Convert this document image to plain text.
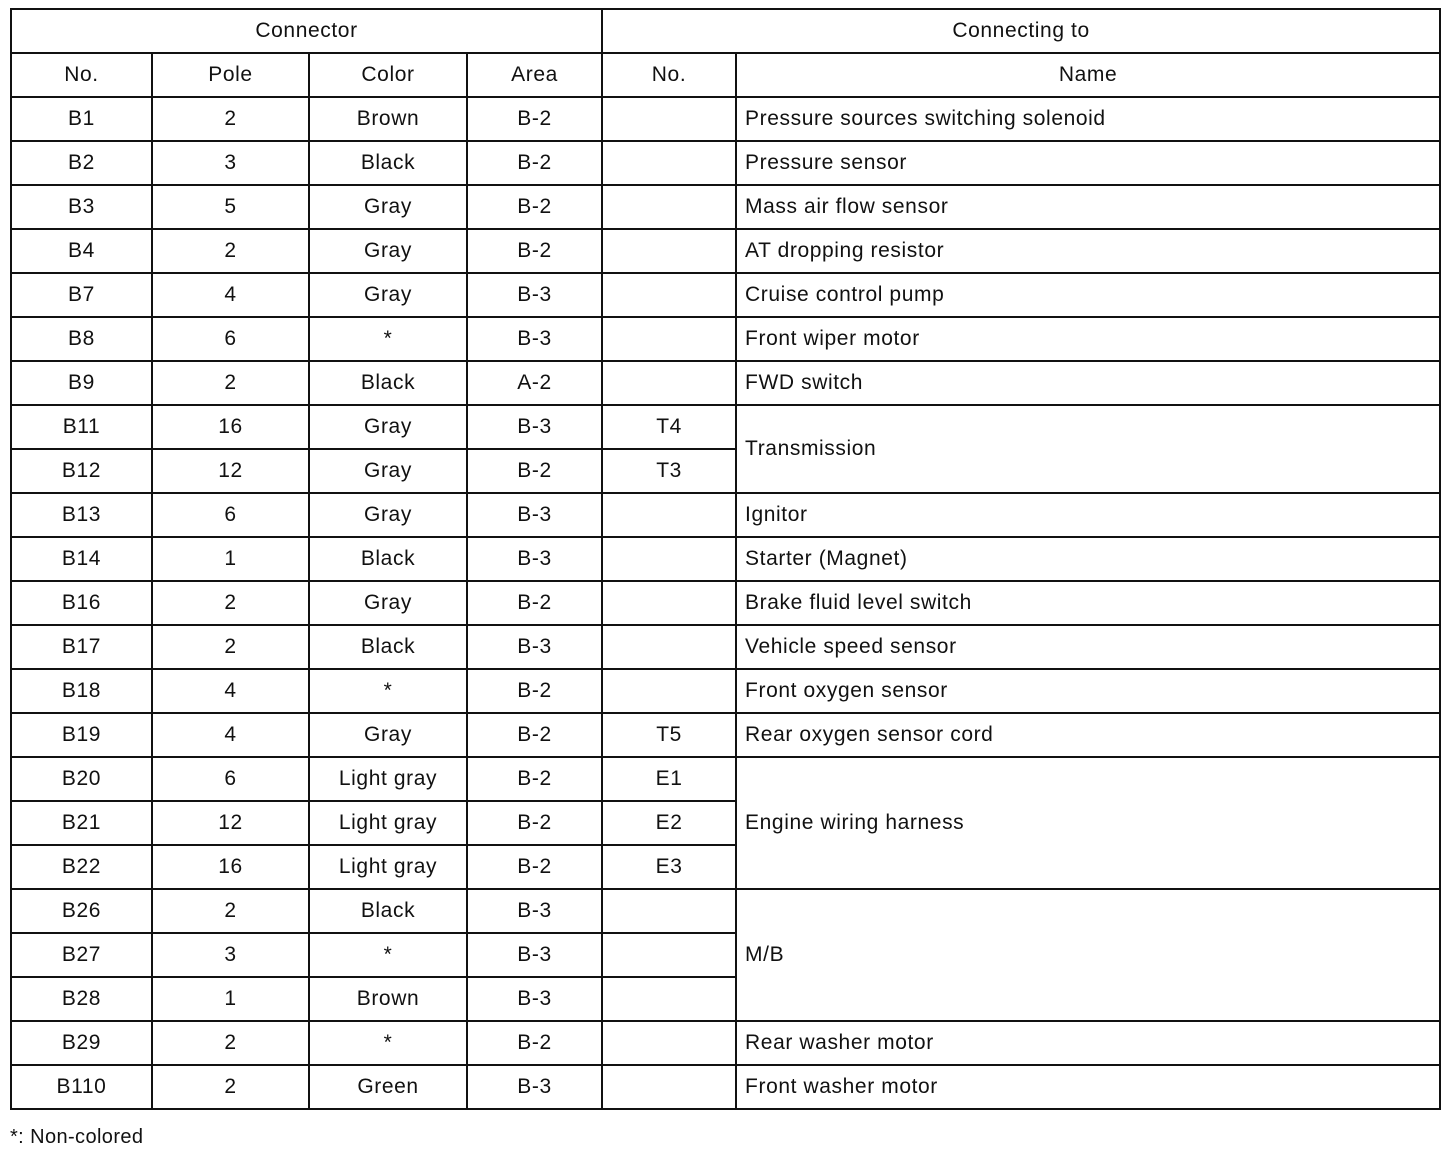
Connector				Connecting to	
No.	Pole	Color	Area	No.	Name
B1	2	Brown	B-2		Pressure sources switching solenoid
B2	3	Black	B-2		Pressure sensor
B3	5	Gray	B-2		Mass air flow sensor
B4	2	Gray	B-2		AT dropping resistor
B7	4	Gray	B-3		Cruise control pump
B8	6	*	B-3		Front wiper motor
B9	2	Black	A-2		FWD switch
B11	16	Gray	B-3	T4	Transmission
B12	12	Gray	B-2	T3	
B13	6	Gray	B-3		Ignitor
B14	1	Black	B-3		Starter (Magnet)
B16	2	Gray	B-2		Brake fluid level switch
B17	2	Black	B-3		Vehicle speed sensor
B18	4	*	B-2		Front oxygen sensor
B19	4	Gray	B-2	T5	Rear oxygen sensor cord
B20	6	Light gray	B-2	E1	Engine wiring harness
B21	12	Light gray	B-2	E2	
B22	16	Light gray	B-2	E3	
B26	2	Black	B-3		M/B
B27	3	*	B-3		
B28	1	Brown	B-3		
B29	2	*	B-2		Rear washer motor
B110	2	Green	B-3		Front washer motor
*: Non-colored
